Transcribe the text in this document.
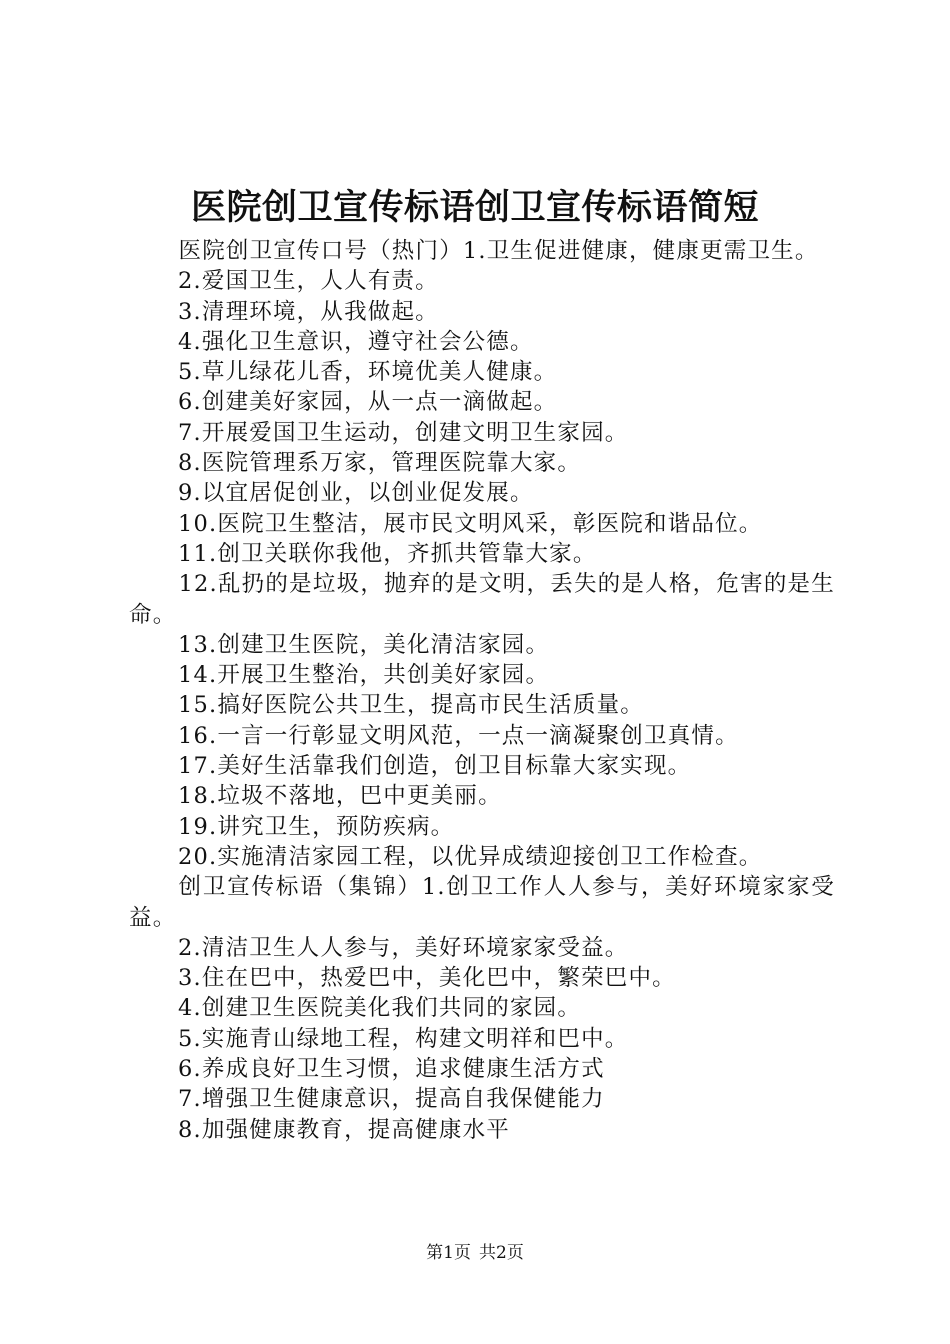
医院创卫宣传标语创卫宣传标语简短

医院创卫宣传口号（热门）1.卫生促进健康，健康更需卫生。

2.爱国卫生，人人有责。

3.清理环境，从我做起。

4.强化卫生意识，遵守社会公德。

5.草儿绿花儿香，环境优美人健康。

6.创建美好家园，从一点一滴做起。

7.开展爱国卫生运动，创建文明卫生家园。

8.医院管理系万家，管理医院靠大家。

9.以宜居促创业，以创业促发展。

10.医院卫生整洁，展市民文明风采，彰医院和谐品位。

11.创卫关联你我他，齐抓共管靠大家。

12.乱扔的是垃圾，抛弃的是文明，丢失的是人格，危害的是生命。

13.创建卫生医院，美化清洁家园。

14.开展卫生整治，共创美好家园。

15.搞好医院公共卫生，提高市民生活质量。

16.一言一行彰显文明风范，一点一滴凝聚创卫真情。

17.美好生活靠我们创造，创卫目标靠大家实现。

18.垃圾不落地，巴中更美丽。

19.讲究卫生，预防疾病。

20.实施清洁家园工程，以优异成绩迎接创卫工作检查。

创卫宣传标语（集锦）1.创卫工作人人参与，美好环境家家受益。

2.清洁卫生人人参与，美好环境家家受益。

3.住在巴中，热爱巴中，美化巴中，繁荣巴中。

4.创建卫生医院美化我们共同的家园。

5.实施青山绿地工程，构建文明祥和巴中。

6.养成良好卫生习惯，追求健康生活方式

7.增强卫生健康意识，提高自我保健能力

8.加强健康教育，提高健康水平

第1页 共2页
